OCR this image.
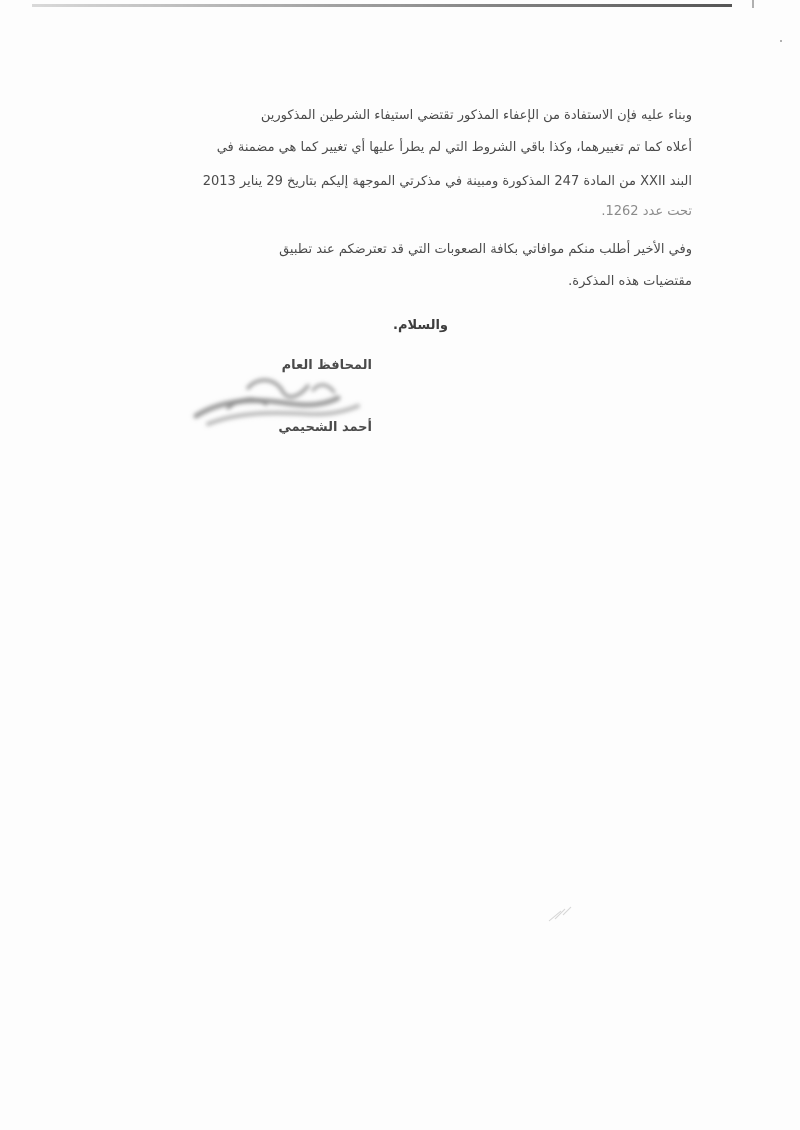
وبناء عليه فإن الاستفادة من الإعفاء المذكور تقتضي استيفاء الشرطين المذكورين
أعلاه كما تم تغييرهما، وكذا باقي الشروط التي لم يطرأ عليها أي تغيير كما هي مضمنة في
البند XXII من المادة 247 المذكورة ومبينة في مذكرتي الموجهة إليكم بتاريخ 29 يناير 2013
تحت عدد 1262.
وفي الأخير أطلب منكم موافاتي بكافة الصعوبات التي قد تعترضكم عند تطبيق
مقتضيات هذه المذكرة.
والسلام.
المحافظ العام
أحمد الشحيمي
